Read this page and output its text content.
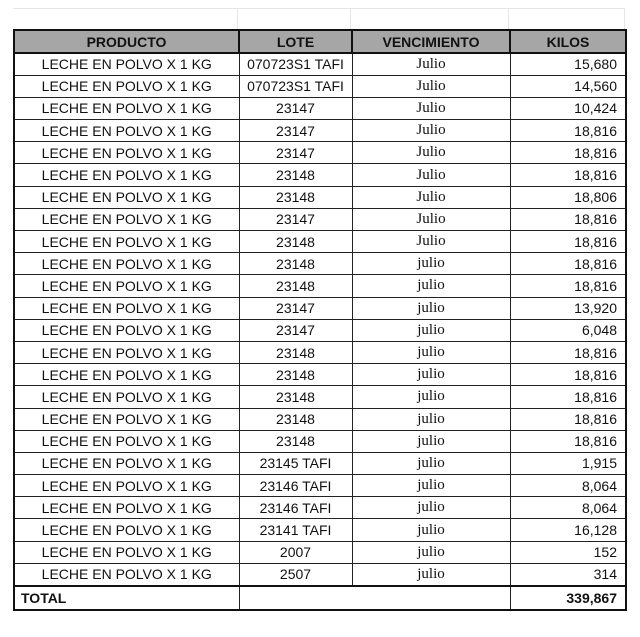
PRODUCTO	LOTE	VENCIMIENTO	KILOS
LECHE EN POLVO X 1 KG	070723S1 TAFI	Julio	15,680
LECHE EN POLVO X 1 KG	070723S1 TAFI	Julio	14,560
LECHE EN POLVO X 1 KG	23147	Julio	10,424
LECHE EN POLVO X 1 KG	23147	Julio	18,816
LECHE EN POLVO X 1 KG	23147	Julio	18,816
LECHE EN POLVO X 1 KG	23148	Julio	18,816
LECHE EN POLVO X 1 KG	23148	Julio	18,806
LECHE EN POLVO X 1 KG	23147	Julio	18,816
LECHE EN POLVO X 1 KG	23148	Julio	18,816
LECHE EN POLVO X 1 KG	23148	julio	18,816
LECHE EN POLVO X 1 KG	23148	julio	18,816
LECHE EN POLVO X 1 KG	23147	julio	13,920
LECHE EN POLVO X 1 KG	23147	julio	6,048
LECHE EN POLVO X 1 KG	23148	julio	18,816
LECHE EN POLVO X 1 KG	23148	julio	18,816
LECHE EN POLVO X 1 KG	23148	julio	18,816
LECHE EN POLVO X 1 KG	23148	julio	18,816
LECHE EN POLVO X 1 KG	23148	julio	18,816
LECHE EN POLVO X 1 KG	23145 TAFI	julio	1,915
LECHE EN POLVO X 1 KG	23146 TAFI	julio	8,064
LECHE EN POLVO X 1 KG	23146 TAFI	julio	8,064
LECHE EN POLVO X 1 KG	23141 TAFI	julio	16,128
LECHE EN POLVO X 1 KG	2007	julio	152
LECHE EN POLVO X 1 KG	2507	julio	314
TOTAL			339,867
